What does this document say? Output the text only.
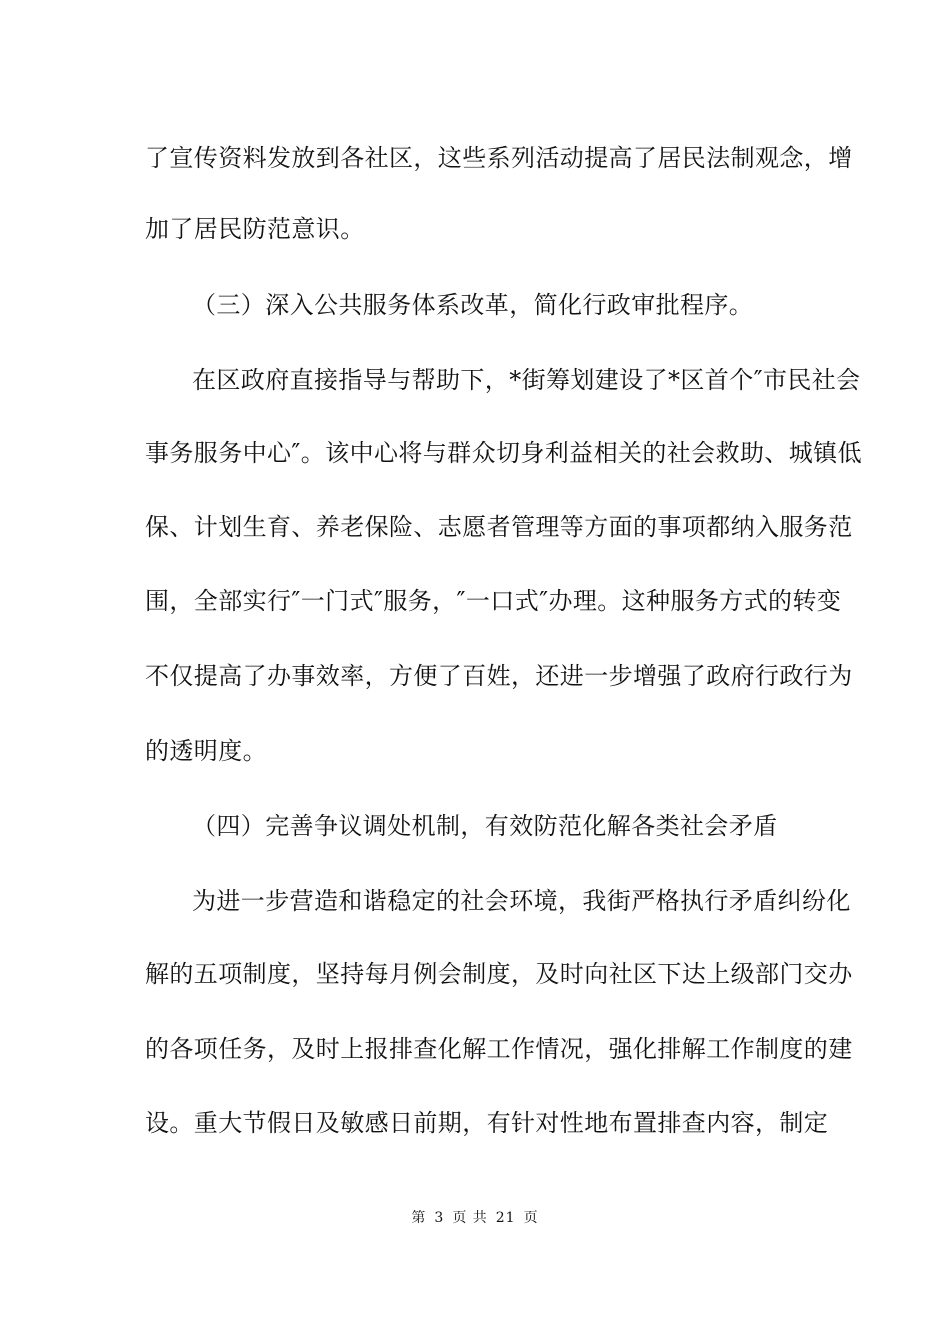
了宣传资料发放到各社区，这些系列活动提高了居民法制观念，增
加了居民防范意识。
（三）深入公共服务体系改革，简化行政审批程序。
在区政府直接指导与帮助下，*街筹划建设了*区首个″市民社会
事务服务中心″。该中心将与群众切身利益相关的社会救助、城镇低
保、计划生育、养老保险、志愿者管理等方面的事项都纳入服务范
围，全部实行″一门式″服务，″一口式″办理。这种服务方式的转变
不仅提高了办事效率，方便了百姓，还进一步增强了政府行政行为
的透明度。
（四）完善争议调处机制，有效防范化解各类社会矛盾
为进一步营造和谐稳定的社会环境，我街严格执行矛盾纠纷化
解的五项制度，坚持每月例会制度，及时向社区下达上级部门交办
的各项任务，及时上报排查化解工作情况，强化排解工作制度的建
设。重大节假日及敏感日前期，有针对性地布置排查内容，制定
第 3 页 共 21 页
